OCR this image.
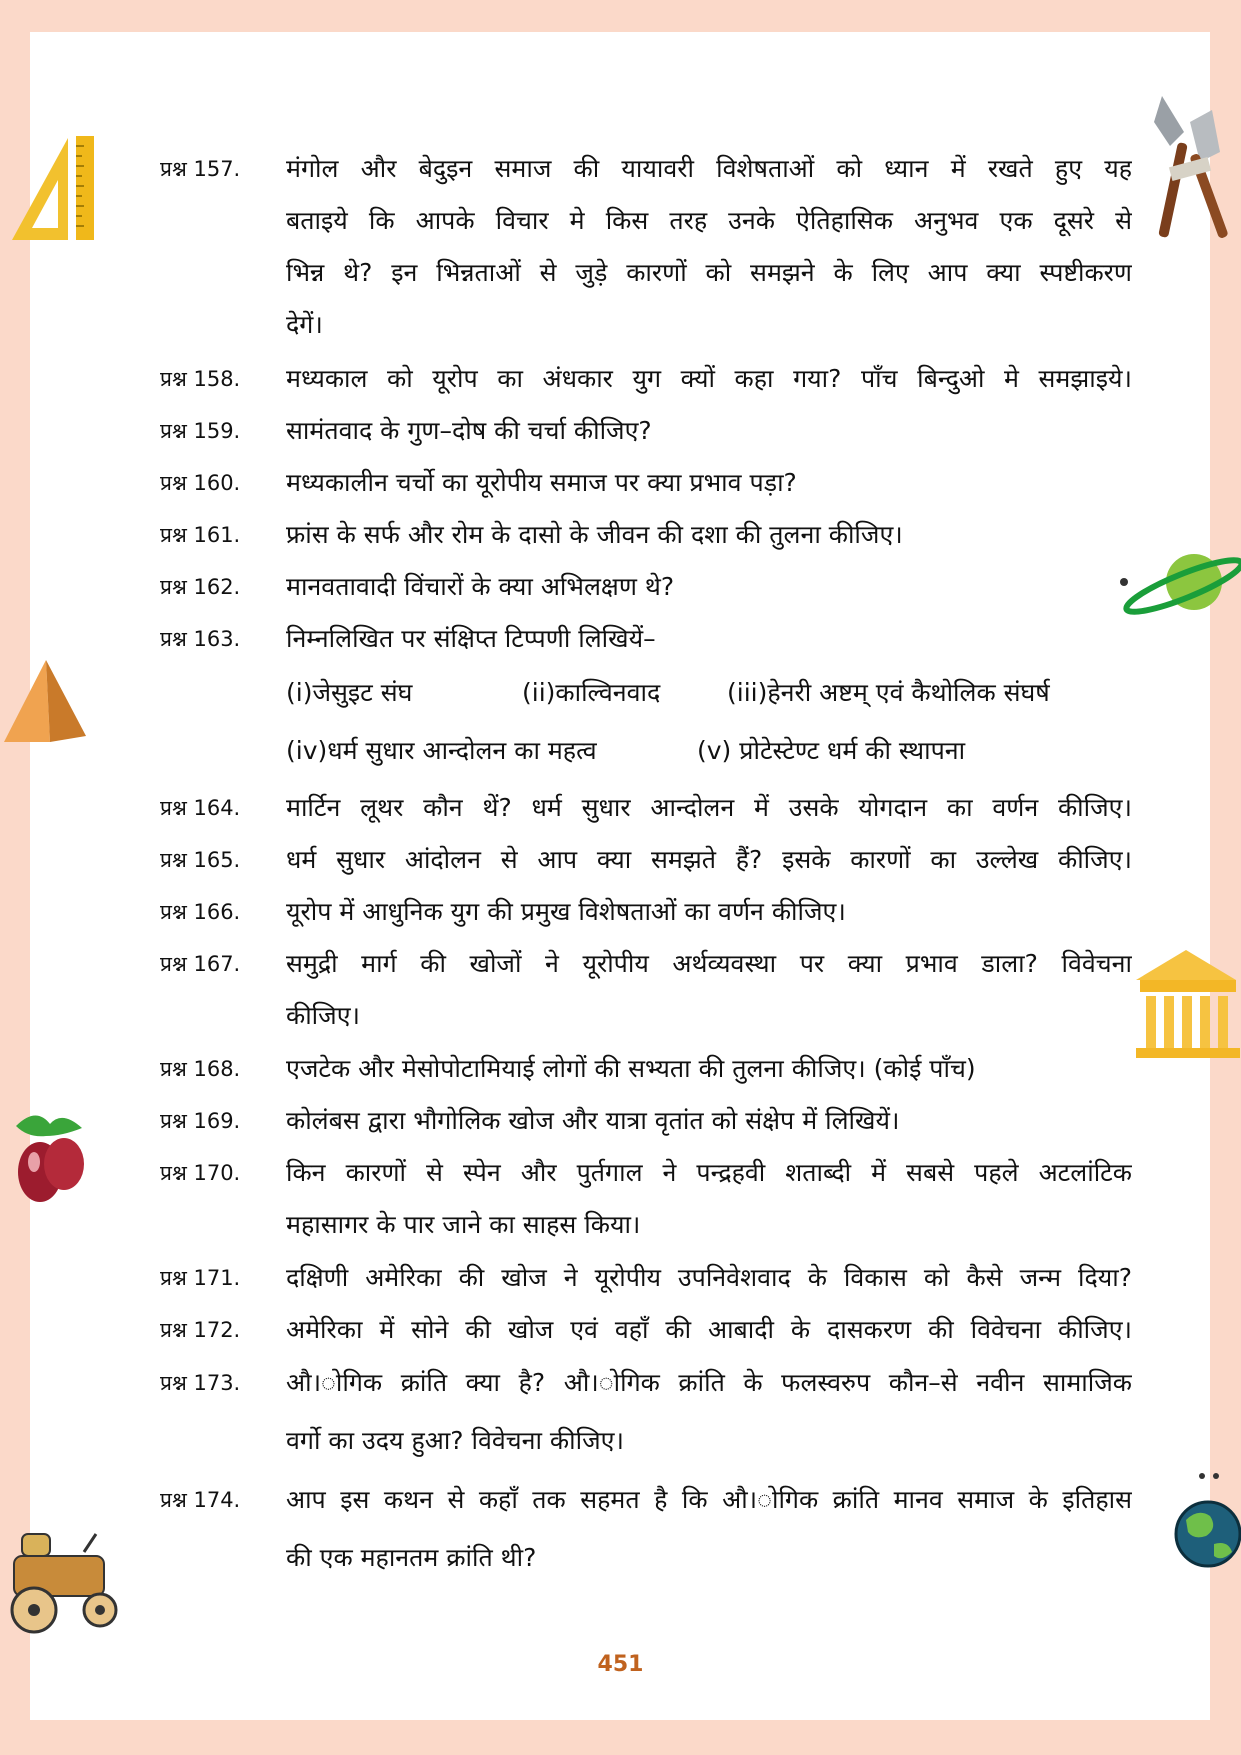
प्रश्न 157. मंगोल और बेदुइन समाज की यायावरी विशेषताओं को ध्यान में रखते हुए यह
बताइये कि आपके विचार मे किस तरह उनके ऐतिहासिक अनुभव एक दूसरे से
भिन्न थे? इन भिन्नताओं से जुड़े कारणों को समझने के लिए आप क्या स्पष्टीकरण
देगें।
प्रश्न 158. मध्यकाल को यूरोप का अंधकार युग क्यों कहा गया? पाँच बिन्दुओ मे समझाइये।
प्रश्न 159. सामंतवाद के गुण–दोष की चर्चा कीजिए?
प्रश्न 160. मध्यकालीन चर्चो का यूरोपीय समाज पर क्या प्रभाव पड़ा?
प्रश्न 161. फ्रांस के सर्फ और रोम के दासो के जीवन की दशा की तुलना कीजिए।
प्रश्न 162. मानवतावादी विंचारों के क्या अभिलक्षण थे?
प्रश्न 163. निम्नलिखित पर संक्षिप्त टिप्पणी लिखियें–
(i)जेसुइट संघ	(ii)काल्विनवाद	(iii)हेनरी अष्टम् एवं कैथोलिक संघर्ष
(iv)धर्म सुधार आन्दोलन का महत्व	(v) प्रोटेस्टेण्ट धर्म की स्थापना
प्रश्न 164. मार्टिन लूथर कौन थें? धर्म सुधार आन्दोलन में उसके योगदान का वर्णन कीजिए।
प्रश्न 165. धर्म सुधार आंदोलन से आप क्या समझते हैं? इसके कारणों का उल्लेख कीजिए।
प्रश्न 166. यूरोप में आधुनिक युग की प्रमुख विशेषताओं का वर्णन कीजिए।
प्रश्न 167. समुद्री मार्ग की खोजों ने यूरोपीय अर्थव्यवस्था पर क्या प्रभाव डाला? विवेचना
कीजिए।
प्रश्न 168. एजटेक और मेसोपोटामियाई लोगों की सभ्यता की तुलना कीजिए। (कोई पाँच)
प्रश्न 169. कोलंबस द्वारा भौगोलिक खोज और यात्रा वृतांत को संक्षेप में लिखियें।
प्रश्न 170. किन कारणों से स्पेन और पुर्तगाल ने पन्द्रहवी शताब्दी में सबसे पहले अटलांटिक
महासागर के पार जाने का साहस किया।
प्रश्न 171. दक्षिणी अमेरिका की खोज ने यूरोपीय उपनिवेशवाद के विकास को कैसे जन्म दिया?
प्रश्न 172. अमेरिका में सोने की खोज एवं वहाँ की आबादी के दासकरण की विवेचना कीजिए।
प्रश्न 173. औ।ोगिक क्रांति क्या है? औ।ोगिक क्रांति के फलस्वरुप कौन–से नवीन सामाजिक
वर्गो का उदय हुआ? विवेचना कीजिए।
प्रश्न 174. आप इस कथन से कहाँ तक सहमत है कि औ।ोगिक क्रांति मानव समाज के इतिहास
की एक महानतम क्रांति थी?
451
